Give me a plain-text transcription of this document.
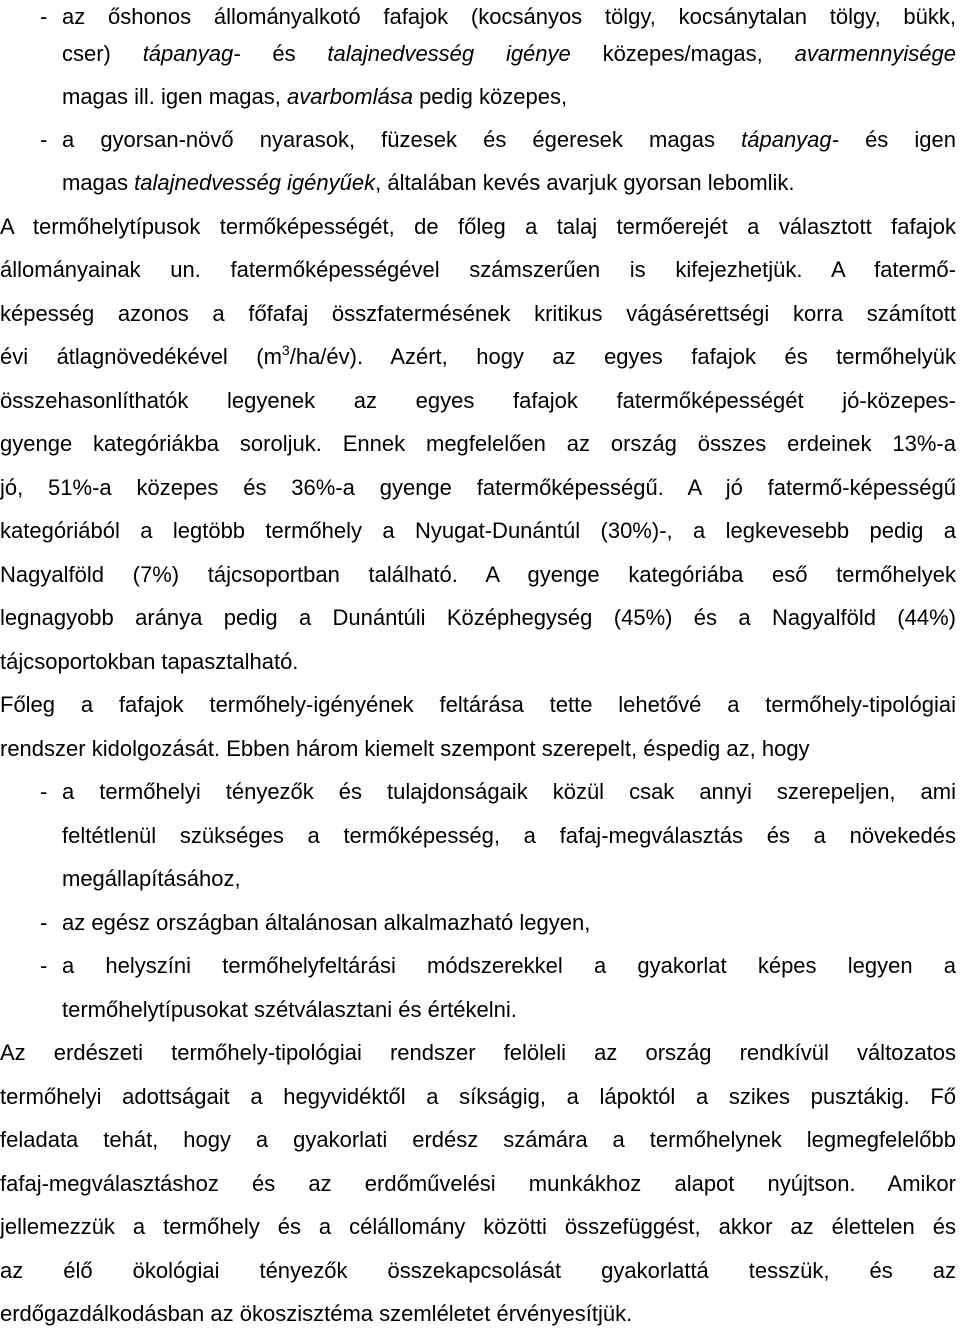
- az őshonos állományalkotó fafajok (kocsányos tölgy, kocsánytalan tölgy, bükk,
cser) tápanyag- és talajnedvesség igénye közepes/magas, avarmennyisége
magas ill. igen magas, avarbomlása pedig közepes,
- a gyorsan-növő nyarasok, füzesek és égeresek magas tápanyag- és igen
magas talajnedvesség igényűek, általában kevés avarjuk gyorsan lebomlik.
A termőhelytípusok termőképességét, de főleg a talaj termőerejét a választott fafajok
állományainak un. fatermőképességével számszerűen is kifejezhetjük. A fatermő-
képesség azonos a főfafaj összfatermésének kritikus vágásérettségi korra számított
évi átlagnövedékével $(m^3/ha/év)$. Azért, hogy az egyes fafajok és termőhelyük
összehasonlíthatók legyenek az egyes fafajok fatermőképességét jó-közepes-
gyenge kategóriákba soroljuk. Ennek megfelelően az ország összes erdeinek 13%-a
jó, 51%-a közepes és 36%-a gyenge fatermőképességű. A jó fatermő-képességű
kategóriából a legtöbb termőhely a Nyugat-Dunántúl (30%)-, a legkevesebb pedig a
Nagyalföld (7%) tájcsoportban található. A gyenge kategóriába eső termőhelyek
legnagyobb aránya pedig a Dunántúli Középhegység (45%) és a Nagyalföld (44%)
tájcsoportokban tapasztalható.
Főleg a fafajok termőhely-igényének feltárása tette lehetővé a termőhely-tipológiai
rendszer kidolgozását. Ebben három kiemelt szempont szerepelt, éspedig az, hogy
- a termőhelyi tényezők és tulajdonságaik közül csak annyi szerepeljen, ami
feltétlenül szükséges a termőképesség, a fafaj-megválasztás és a növekedés
megállapításához,
- az egész országban általánosan alkalmazható legyen,
- a helyszíni termőhelyfeltárási módszerekkel a gyakorlat képes legyen a
termőhelytípusokat szétválasztani és értékelni.
Az erdészeti termőhely-tipológiai rendszer felöleli az ország rendkívül változatos
termőhelyi adottságait a hegyvidéktől a síkságig, a lápoktól a szikes pusztákig. Fő
feladata tehát, hogy a gyakorlati erdész számára a termőhelynek legmegfelelőbb
fafaj-megválasztáshoz és az erdőművelési munkákhoz alapot nyújtson. Amikor
jellemezzük a termőhely és a célállomány közötti összefüggést, akkor az élettelen és
az élő ökológiai tényezők összekapcsolását gyakorlattá tesszük, és az
erdőgazdálkodásban az ökoszisztéma szemléletet érvényesítjük.
